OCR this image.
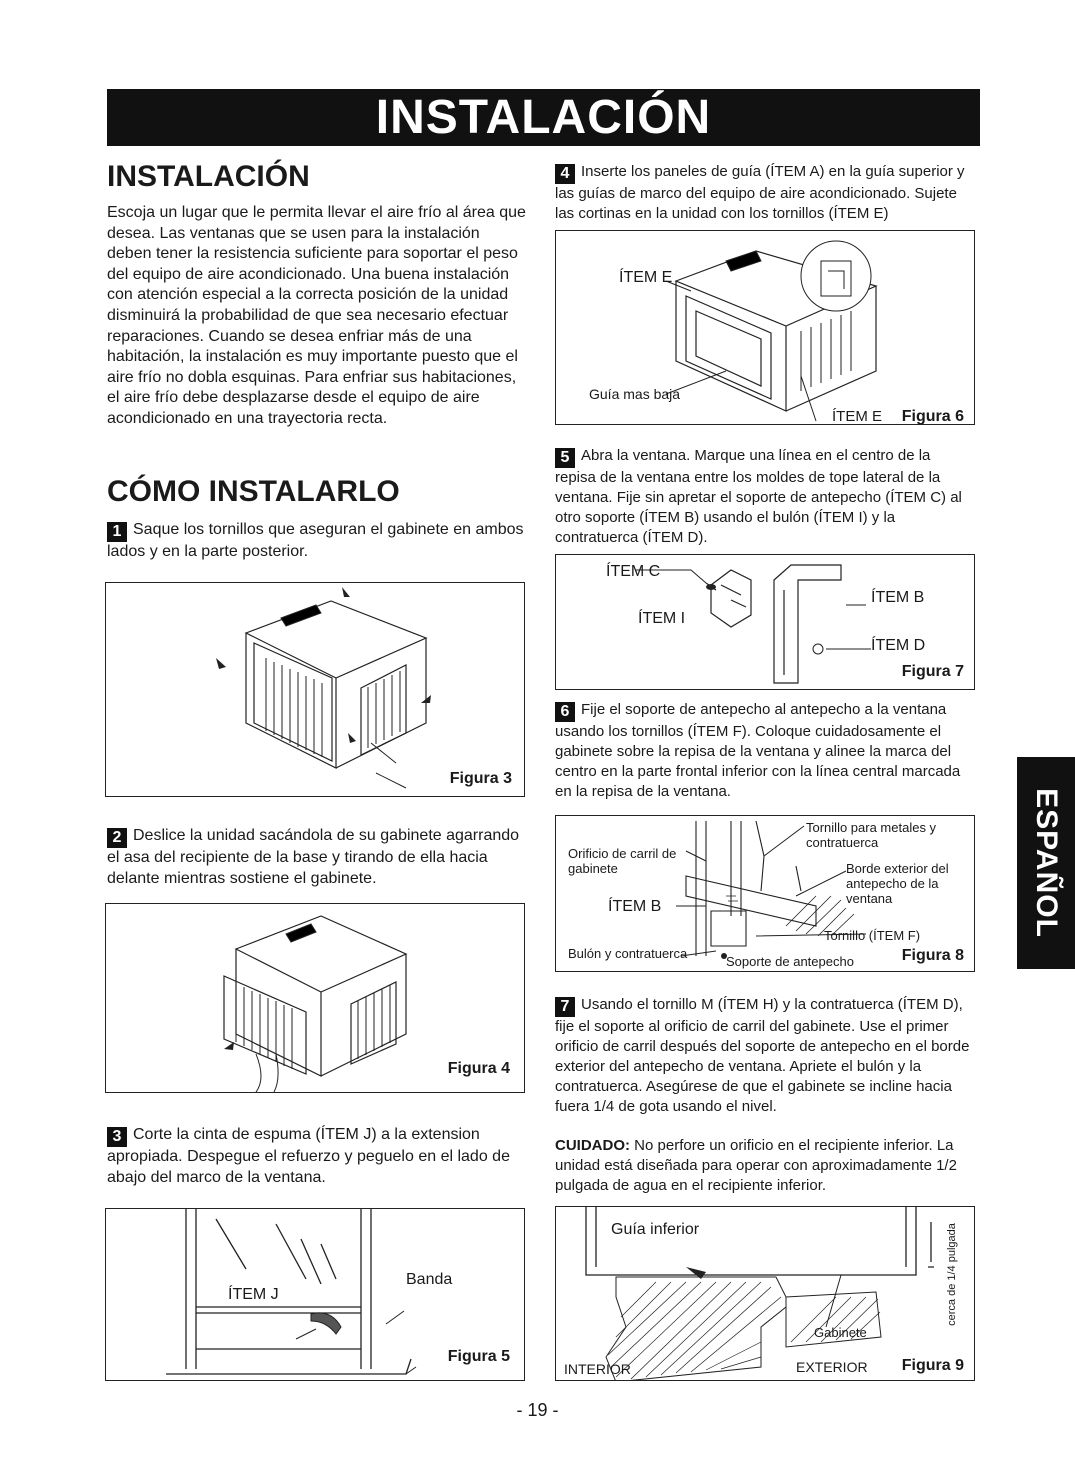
INSTALACIÓN
INSTALACIÓN
Escoja un lugar que le permita llevar el aire frío al área que desea. Las ventanas que se usen para la instalación deben tener la resistencia suficiente para soportar el peso del equipo de aire acondicionado. Una buena instalación con atención especial a la correcta posición de la unidad disminuirá la probabilidad de que sea necesario efectuar reparaciones. Cuando se desea enfriar más de una habitación, la instalación es muy importante puesto que el aire frío no dobla esquinas. Para enfriar sus habitaciones, el aire frío debe desplazarse desde el equipo de aire acondicionado en una trayectoria recta.
CÓMO INSTALARLO
1 Saque los tornillos que aseguran el gabinete en ambos lados y en la parte posterior.
Figura 3
2 Deslice la unidad sacándola de su gabinete agarrando el asa del recipiente de la base y tirando de ella hacia delante mientras sostiene el gabinete.
Figura 4
3 Corte la cinta de espuma (ÍTEM J) a la extension apropiada. Despegue el refuerzo y peguelo en el lado de abajo del marco de la ventana.
Banda
ÍTEM J
Figura 5
4 Inserte los paneles de guía (ÍTEM A) en la guía superior y las guías de marco del equipo de aire acondicionado. Sujete las cortinas en la unidad con los tornillos (ÍTEM E)
ÍTEM E
Guía mas baja
ÍTEM E Figura 6
5 Abra la ventana. Marque una línea en el centro de la repisa de la ventana entre los moldes de tope lateral de la ventana. Fije sin apretar el soporte de antepecho (ÍTEM C) al otro soporte (ÍTEM B) usando el bulón (ÍTEM I) y la contratuerca (ÍTEM D).
ÍTEM C
ÍTEM I
ÍTEM B
ÍTEM D
Figura 7
6 Fije el soporte de antepecho al antepecho a la ventana usando los tornillos (ÍTEM F). Coloque cuidadosamente el gabinete sobre la repisa de la ventana y alinee la marca del centro en la parte frontal inferior con la línea central marcada en la repisa de la ventana.
Tornillo para metales y contratuerca
Orificio de carril de gabinete	Borde exterior del antepecho de la ventana
ÍTEM B
Tornillo (ÍTEM F)
Bulón y contratuerca
Soporte de antepecho	Figura 8
7 Usando el tornillo M (ÍTEM H) y la contratuerca (ÍTEM D), fije el soporte al orificio de carril del gabinete. Use el primer orificio de carril después del soporte de antepecho en el borde exterior del antepecho de ventana. Apriete el bulón y la contratuerca. Asegúrese de que el gabinete se incline hacia fuera 1/4 de gota usando el nivel.
CUIDADO: No perfore un orificio en el recipiente inferior. La unidad está diseñada para operar con aproximadamente 1/2 pulgada de agua en el recipiente inferior.
Guía inferior
Gabinete
INTERIOR	EXTERIOR
cerca de 1/4 pulgada
Figura 9
ESPAÑOL
- 19 -
